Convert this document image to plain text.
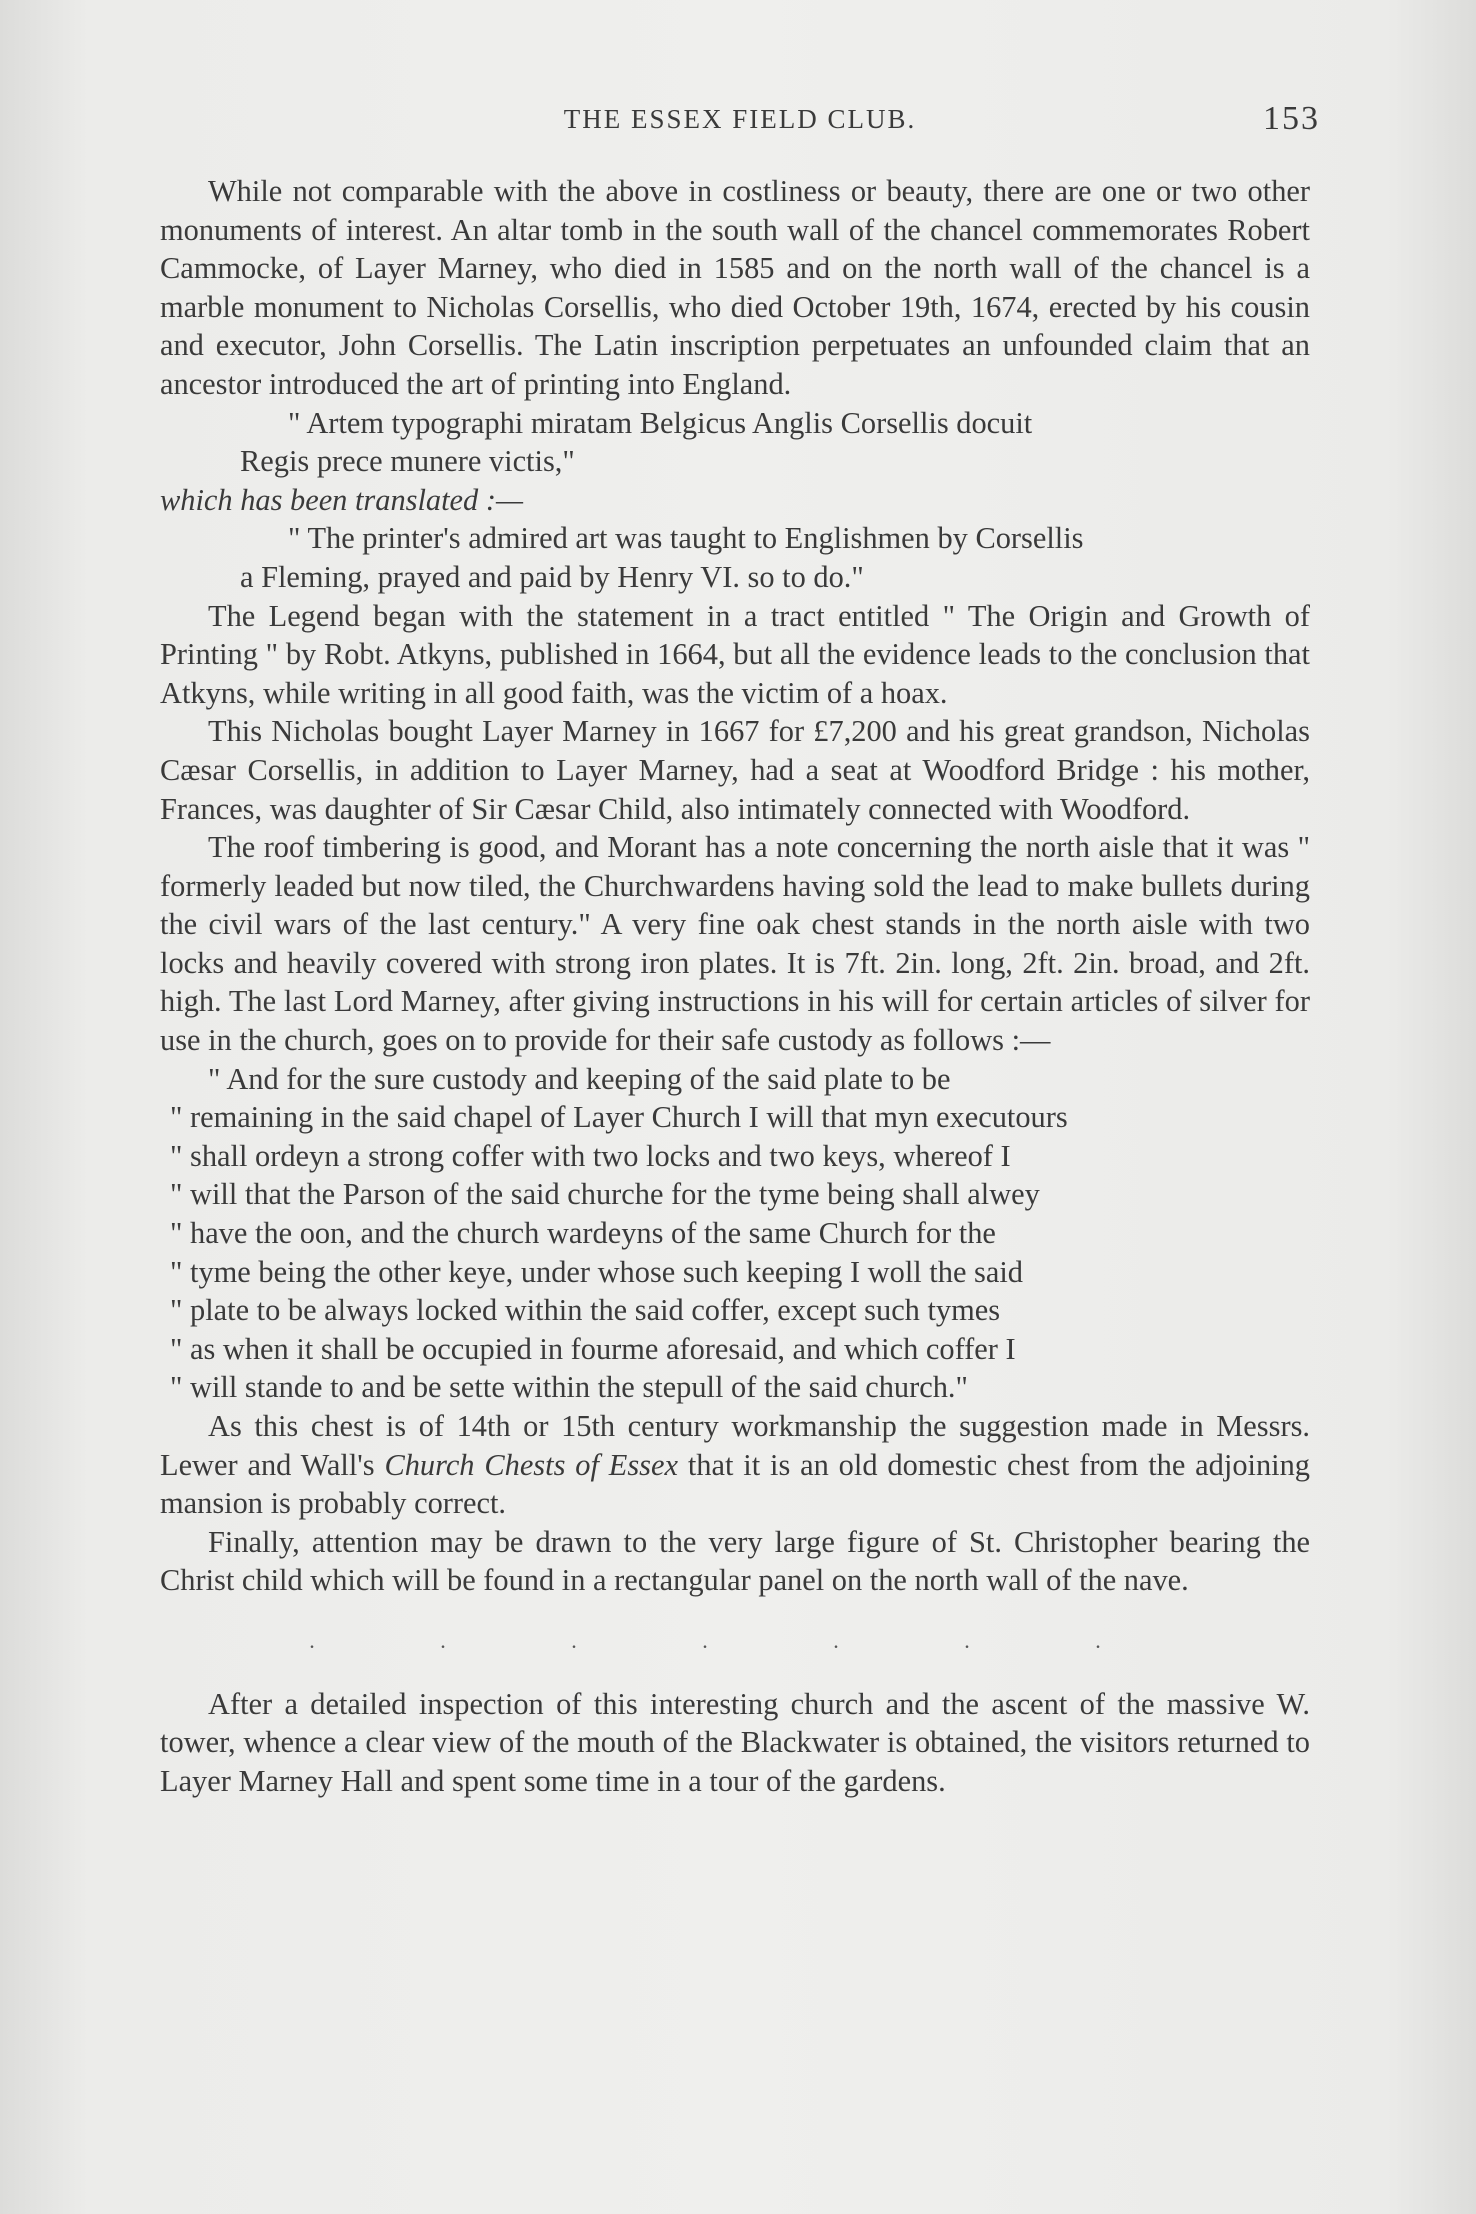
THE ESSEX FIELD CLUB.	153

While not comparable with the above in costliness or beauty, there are one or two other monuments of interest. An altar tomb in the south wall of the chancel commemorates Robert Cammocke, of Layer Marney, who died in 1585 and on the north wall of the chancel is a marble monument to Nicholas Corsellis, who died October 19th, 1674, erected by his cousin and executor, John Corsellis. The Latin inscription perpetuates an unfounded claim that an ancestor introduced the art of printing into England.

" Artem typographi miratam Belgicus Anglis Corsellis docuit
Regis prece munere victis,"
which has been translated :—
" The printer's admired art was taught to Englishmen by Corsellis
a Fleming, prayed and paid by Henry VI. so to do."

The Legend began with the statement in a tract entitled " The Origin and Growth of Printing " by Robt. Atkyns, published in 1664, but all the evidence leads to the conclusion that Atkyns, while writing in all good faith, was the victim of a hoax.

This Nicholas bought Layer Marney in 1667 for £7,200 and his great grandson, Nicholas Cæsar Corsellis, in addition to Layer Marney, had a seat at Woodford Bridge : his mother, Frances, was daughter of Sir Cæsar Child, also intimately connected with Woodford.

The roof timbering is good, and Morant has a note concerning the north aisle that it was " formerly leaded but now tiled, the Churchwardens having sold the lead to make bullets during the civil wars of the last century." A very fine oak chest stands in the north aisle with two locks and heavily covered with strong iron plates. It is 7ft. 2in. long, 2ft. 2in. broad, and 2ft. high. The last Lord Marney, after giving instructions in his will for certain articles of silver for use in the church, goes on to provide for their safe custody as follows :—

" And for the sure custody and keeping of the said plate to be

" remaining in the said chapel of Layer Church I will that myn executours
" shall ordeyn a strong coffer with two locks and two keys, whereof I
" will that the Parson of the said churche for the tyme being shall alwey
" have the oon, and the church wardeyns of the same Church for the
" tyme being the other keye, under whose such keeping I woll the said
" plate to be always locked within the said coffer, except such tymes
" as when it shall be occupied in fourme aforesaid, and which coffer I
" will stande to and be sette within the stepull of the said church."

As this chest is of 14th or 15th century workmanship the suggestion made in Messrs. Lewer and Wall's Church Chests of Essex that it is an old domestic chest from the adjoining mansion is probably correct.

Finally, attention may be drawn to the very large figure of St. Christopher bearing the Christ child which will be found in a rectangular panel on the north wall of the nave.

. . . . . . .

After a detailed inspection of this interesting church and the ascent of the massive W. tower, whence a clear view of the mouth of the Blackwater is obtained, the visitors returned to Layer Marney Hall and spent some time in a tour of the gardens.
